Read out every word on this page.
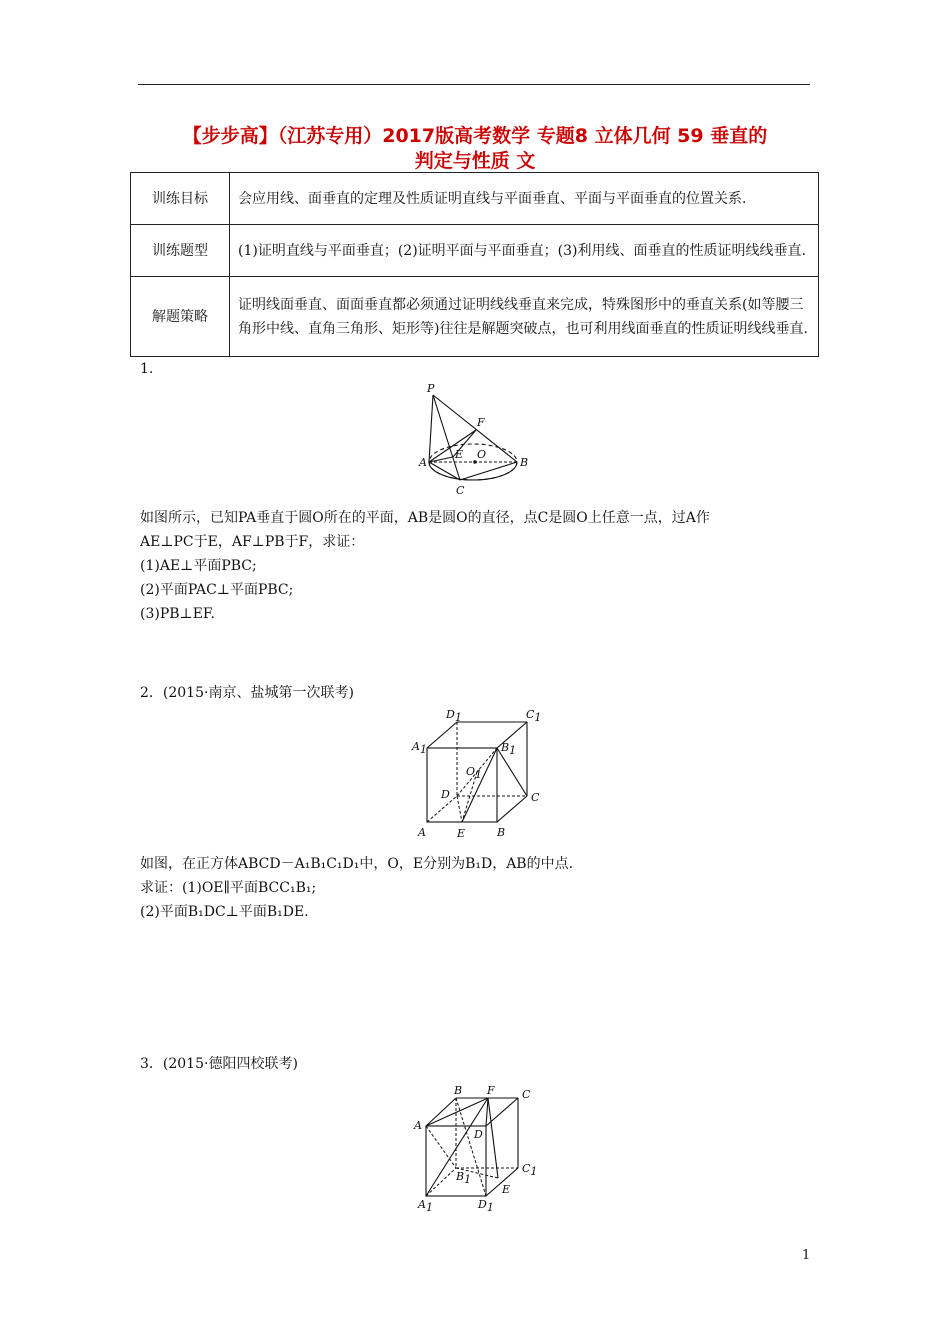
【步步高】（江苏专用）2017版高考数学 专题8 立体几何 59 垂直的
判定与性质 文
训练目标	会应用线、面垂直的定理及性质证明直线与平面垂直、平面与平面垂直的位置关系.
训练题型	(1)证明直线与平面垂直；(2)证明平面与平面垂直；(3)利用线、面垂直的性质证明线线垂直.
解题策略	证明线面垂直、面面垂直都必须通过证明线线垂直来完成，特殊图形中的垂直关系(如等腰三角形中线、直角三角形、矩形等)往往是解题突破点，也可利用线面垂直的性质证明线线垂直.
1.
P
F
A
E O
B
C
如图所示，已知PA垂直于圆O所在的平面，AB是圆O的直径，点C是圆O上任意一点，过A作
AE⊥PC于E，AF⊥PB于F，求证：
(1)AE⊥平面PBC;
(2)平面PAC⊥平面PBC;
(3)PB⊥EF.
2．(2015·南京、盐城第一次联考)
D1	C1
A1	B1
O1
D	C
A	E	B
如图，在正方体ABCD－A₁B₁C₁D₁中，O，E分别为B₁D，AB的中点.
求证：(1)OE∥平面BCC₁B₁;
(2)平面B₁DC⊥平面B₁DE.
3．(2015·德阳四校联考)
B F C
A
D
C1
B1
E
A1	D1
1
